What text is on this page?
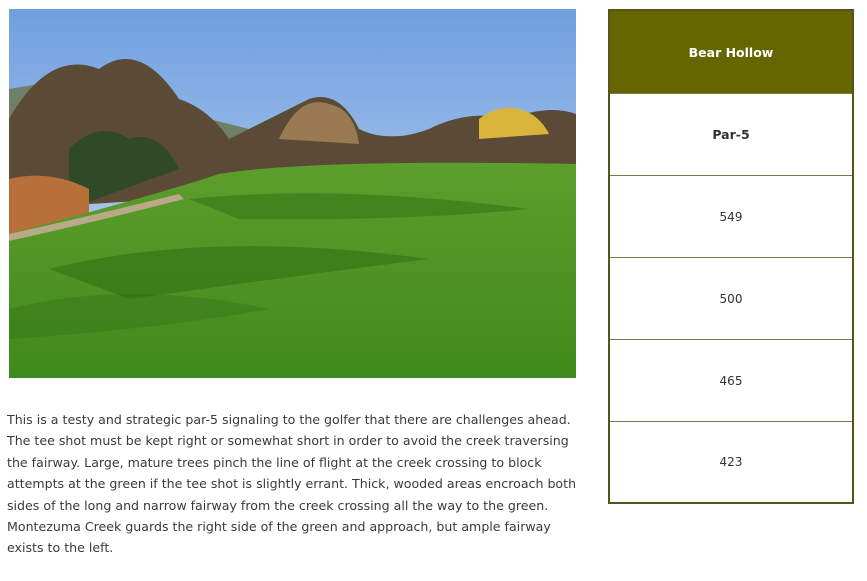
This is a testy and strategic par-5 signaling to the golfer that there are challenges ahead. The tee shot must be kept right or somewhat short in order to avoid the creek traversing the fairway. Large, mature trees pinch the line of flight at the creek crossing to block attempts at the green if the tee shot is slightly errant. Thick, wooded areas encroach both sides of the long and narrow fairway from the creek crossing all the way to the green. Montezuma Creek guards the right side of the green and approach, but ample fairway exists to the left.
Bear Hollow
Par-5
549
500
465
423
